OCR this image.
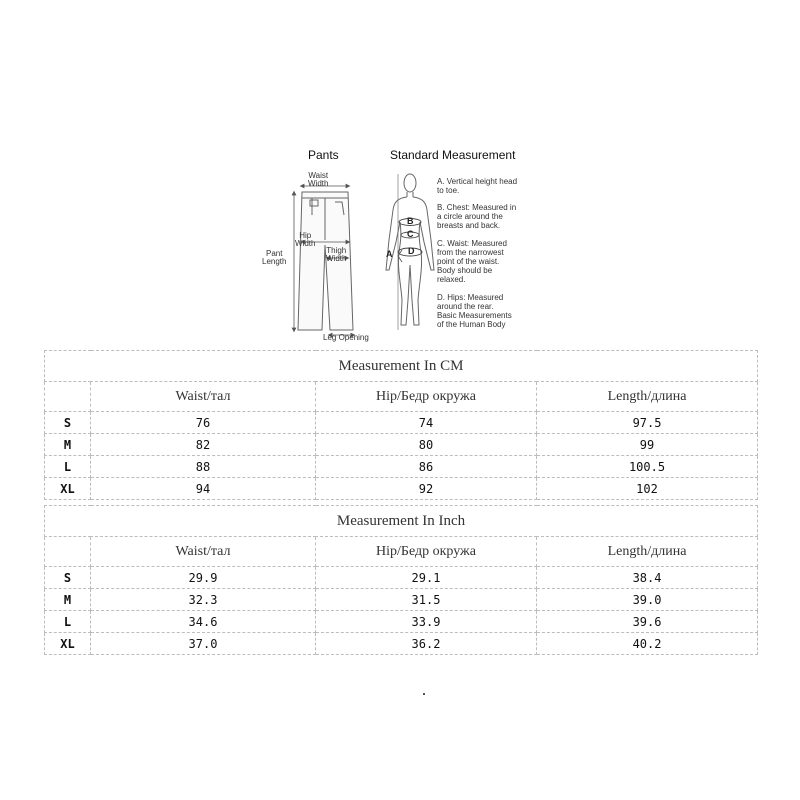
Pants	Standard Measurement
Waist
Width
Hip
Width
Thigh
Width
Pant
Length
Leg Opening
A
B
C
D
A. Vertical height head
to toe.
B. Chest: Measured in
a circle around the
breasts and back.
C. Waist: Measured
from the narrowest
point of the waist.
Body should be
relaxed.
D. Hips: Measured
around the rear.
Basic Measurements
of the Human Body
Measurement In CM			
	Waist/тал	Hip/Бедр окружа	Length/длина
S	76	74	97.5
M	82	80	99
L	88	86	100.5
XL	94	92	102
Measurement In Inch			
	Waist/тал	Hip/Бедр окружа	Length/длина
S	29.9	29.1	38.4
M	32.3	31.5	39.0
L	34.6	33.9	39.6
XL	37.0	36.2	40.2
